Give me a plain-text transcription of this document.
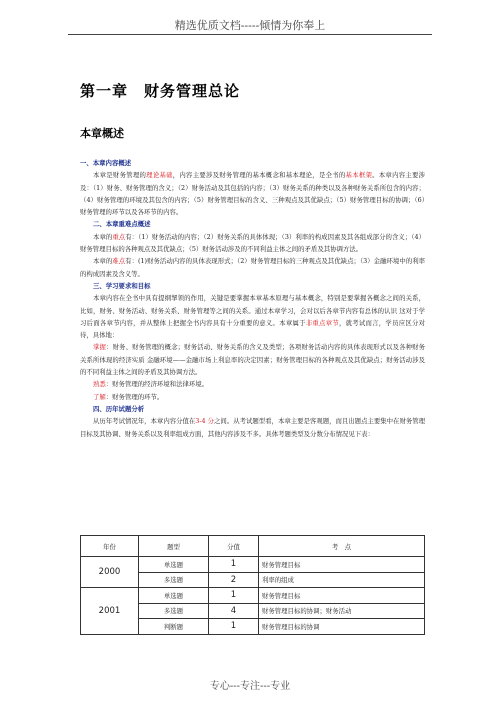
精选优质文档-----倾情为你奉上
第一章　财务管理总论
本章概述

一、本章内容概述

本章是财务管理的理论基础，内容主要涉及财务管理的基本概念和基本理论，是全书的基本框架。本章内容主要涉及：（1）财务、财务管理的含义；（2）财务活动及其包括的内容；（3）财务关系的种类以及各种财务关系所包含的内容；（4）财务管理的环境及其包含的内容；（5）财务管理目标的含义、三种观点及其优缺点；（5）财务管理目标的协调；（6）财务管理的环节以及各环节的内容。

二、本章重难点概述

本章的重点有：（1）财务活动的内容；（2）财务关系的具体体现；（3）利率的构成因素及其各组成部分的含义；（4）财务管理目标的各种观点及其优缺点；（5）财务活动涉及的不同利益主体之间的矛盾及其协调方法。

本章的难点有：(1)财务活动内容的具体表现形式；（2）财务管理目标的三种观点及其优缺点；（3）金融环境中的利率的构成因素及含义等。

三、学习要求和目标

本章内容在全书中具有提纲挈领的作用，关键是要掌握本章基本原理与基本概念，特别是要掌握各概念之间的关系，比如，财务、财务活动、财务关系、财务管理等之间的关系。通过本章学习，会对以后各章节内容有总体的认识 这对于学习后面各章节内容，并从整体上把握全书内容具有十分重要的意义。本章属于非重点章节，就考试而言，学员应区分对待，具体地：

掌握：财务、财务管理的概念；财务活动、财务关系的含义及类型；各项财务活动内容的具体表现形式以及各种财务关系所体现的经济实质 金融环境——金融市场上利息率的决定因素；财务管理目标的各种观点及其优缺点；财务活动涉及的不同利益主体之间的矛盾及其协调方法。

熟悉：财务管理的经济环境和法律环境。

了解：财务管理的环节。

四、历年试题分析

从历年考试情况年，本章内容分值在3-4 分之间。从考试题型看，本章主要是客观题，而且出题点主要集中在财务管理目标及其协调、财务关系以及利率组成方面，其他内容涉及不多。具体考题类型及分数分布情况见下表：

年份	题型	分值	考　点
2000	单选题	1	财务管理目标
	多选题	2	利率的组成
2001	单选题	1	财务管理目标
	多选题	4	财务管理目标的协调；财务活动
	判断题	1	财务管理目标的协调
专心---专注---专业
